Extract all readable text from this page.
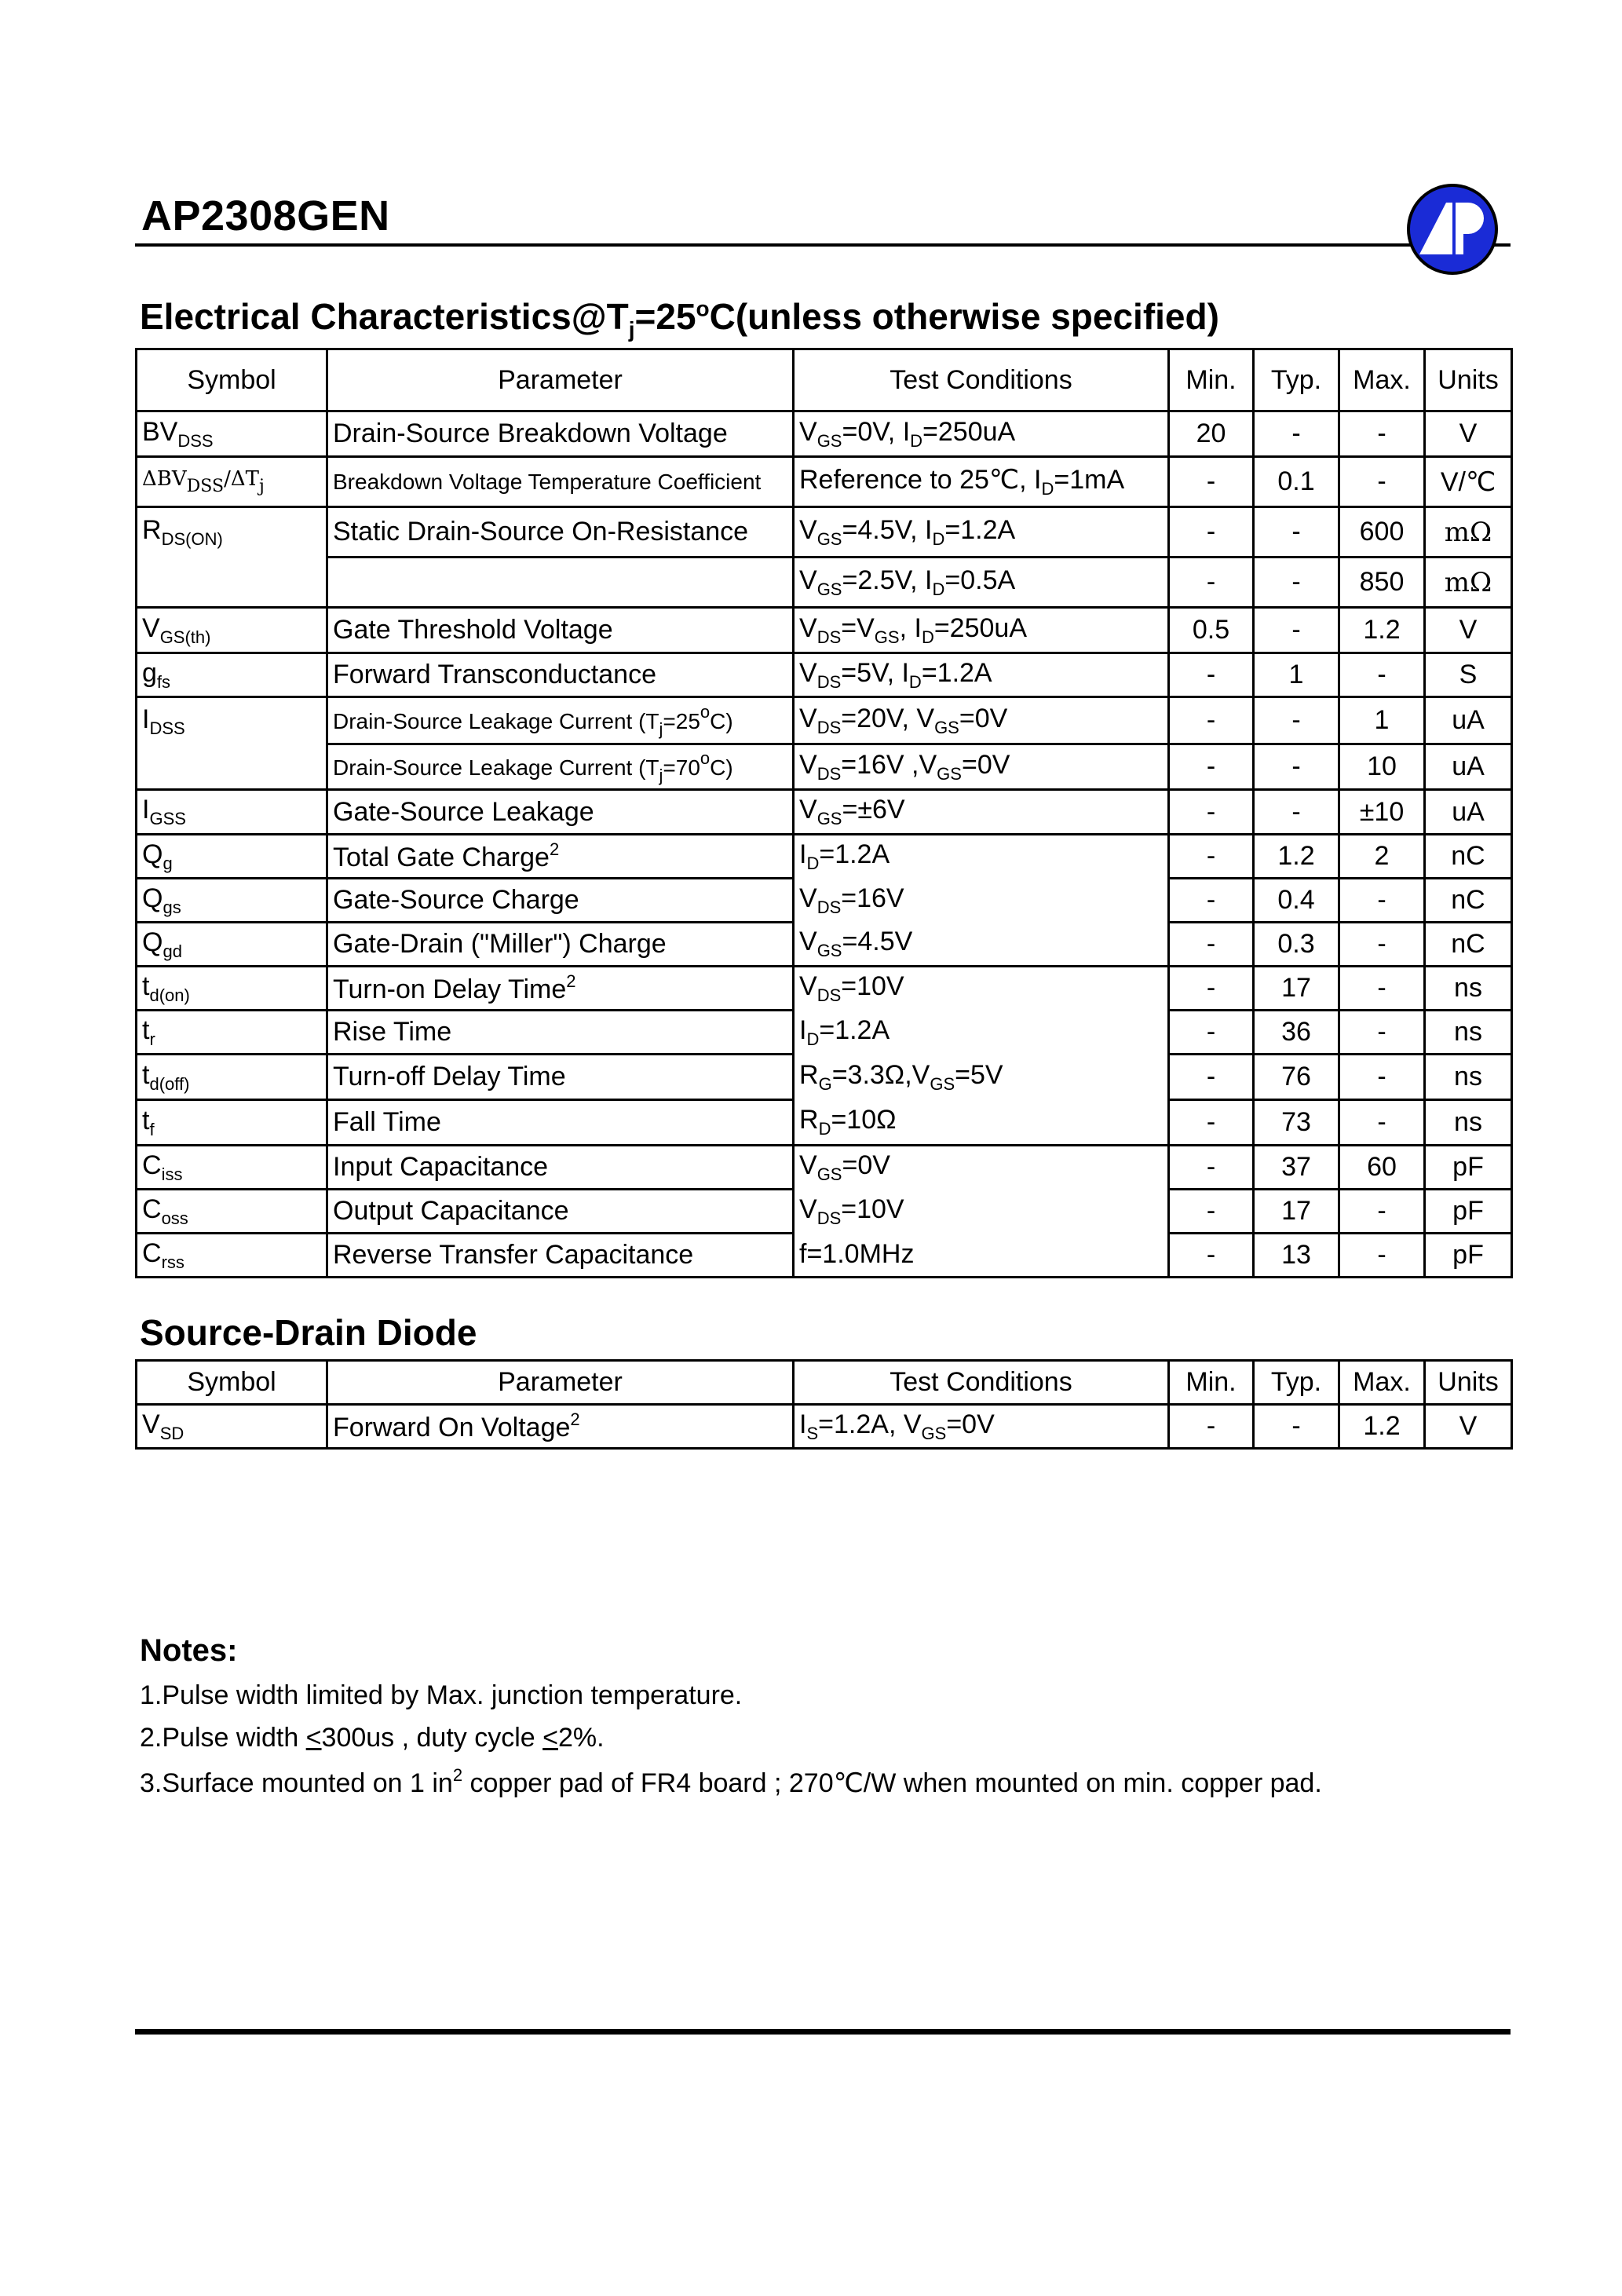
AP2308GEN
Electrical $Characteristics@T_j=25^oC(unless$ otherwise specified)
Symbol	Parameter	Test Conditions	Min.	Typ.	Max.	Units
$BV_{DSS}$	Drain-Source Breakdown Voltage	$V_{GS}=0V$, $I_D=250uA$	20	-	-	V
$\Delta BV_{DSS}/\Delta T_j$	Breakdown Voltage Temperature Coefficient	Reference to 25℃, $I_D=1mA$	-	0.1	-	V/℃
$R_{DS(ON)}$	Static Drain-Source On-Resistance	$V_{GS}=4.5V$, $I_D=1.2A$	-	-	600	mΩ
		$V_{GS}=2.5V$, $I_D=0.5A$	-	-	850	mΩ
$V_{GS(th)}$	Gate Threshold Voltage	$V_{DS}=V_{GS}$, $I_D=250uA$	0.5	-	1.2	V
$g_{fs}$	Forward Transconductance	$V_{DS}=5V$, $I_D=1.2A$	-	1	-	S
$I_{DSS}$	Drain-Source Leakage Current $(T_j=25^oC)$	$V_{DS}=20V$, $V_{GS}=0V$	-	-	1	uA
	Drain-Source Leakage Current $(T_j=70^oC)$	$V_{DS}=16V$ $,V_{GS}=0V$	-	-	10	uA
$I_{GSS}$	Gate-Source Leakage	$V_{GS}=\pm 6V$	-	-	±10	uA
$Q_g$	Total Gate Charge$^2$	$I_D=1.2A$	-	1.2	2	nC
$Q_{gs}$	Gate-Source Charge	$V_{DS}=16V$	-	0.4	-	nC
$Q_{gd}$	Gate-Drain ("Miller") Charge	$V_{GS}=4.5V$	-	0.3	-	nC
$t_{d(on)}$	Turn-on Delay Time$^2$	$V_{DS}=10V$	-	17	-	ns
$t_r$	Rise Time	$I_D=1.2A$	-	36	-	ns
$t_{d(off)}$	Turn-off Delay Time	$R_G=3.3\Omega,V_{GS}=5V$	-	76	-	ns
$t_f$	Fall Time	$R_D=10\Omega$	-	73	-	ns
$C_{iss}$	Input Capacitance	$V_{GS}=0V$	-	37	60	pF
$C_{oss}$	Output Capacitance	$V_{DS}=10V$	-	17	-	pF
$C_{rss}$	Reverse Transfer Capacitance	f=1.0MHz	-	13	-	pF
Source-Drain Diode
Symbol	Parameter	Test Conditions	Min.	Typ.	Max.	Units
$V_{SD}$	Forward On Voltage$^2$	$I_S=1.2A$, $V_{GS}=0V$	-	-	1.2	V
Notes:
1.Pulse width limited by Max. junction temperature.
2.Pulse width <300us , duty cycle <2%.
3.Surface mounted on 1 $in^2$ copper pad of FR4 board ; 270℃/W when mounted on min. copper pad.
